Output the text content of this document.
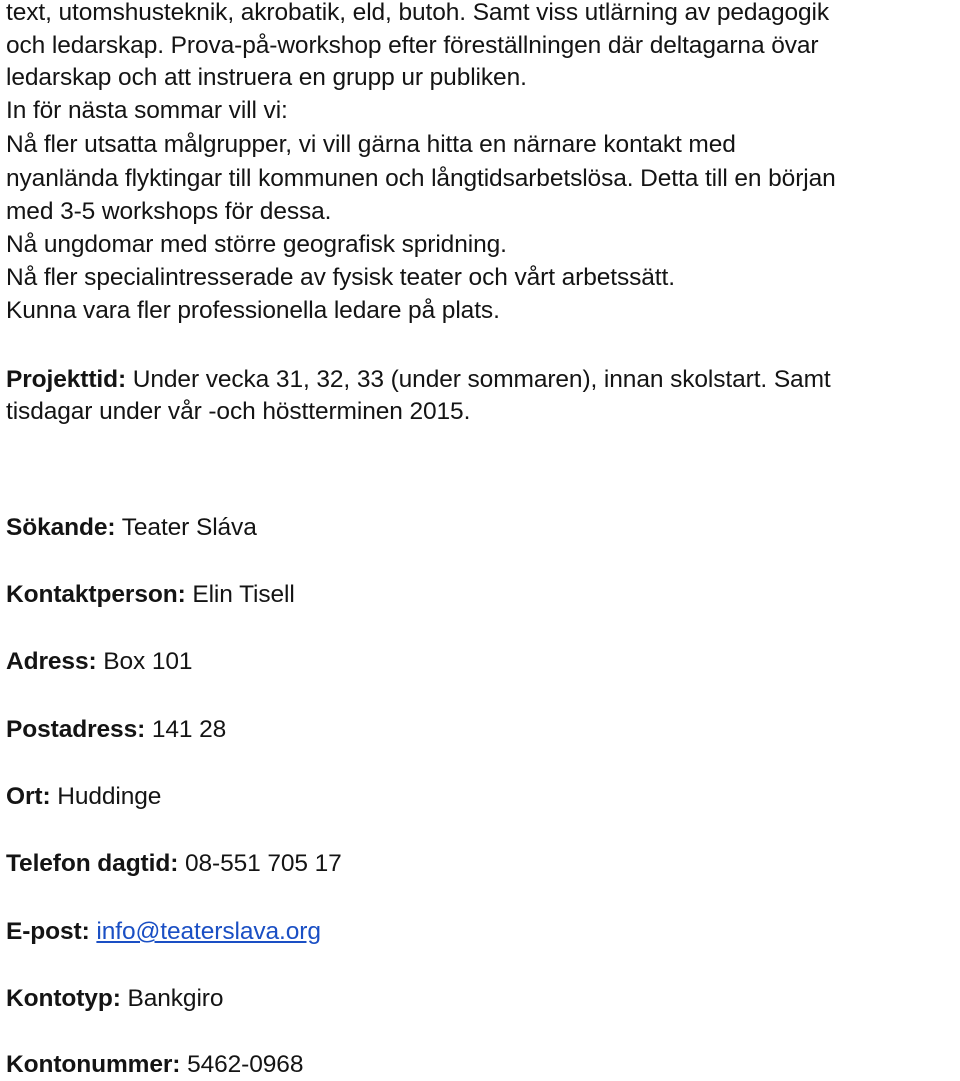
text, utomshusteknik, akrobatik, eld, butoh. Samt viss utlärning av pedagogik
och ledarskap. Prova-på-workshop efter föreställningen där deltagarna övar
ledarskap och att instruera en grupp ur publiken.
In för nästa sommar vill vi:
Nå fler utsatta målgrupper, vi vill gärna hitta en närnare kontakt med
nyanlända flyktingar till kommunen och långtidsarbetslösa. Detta till en början
med 3-5 workshops för dessa.
Nå ungdomar med större geografisk spridning.
Nå fler specialintresserade av fysisk teater och vårt arbetssätt.
Kunna vara fler professionella ledare på plats.
Projekttid: Under vecka 31, 32, 33 (under sommaren), innan skolstart. Samt
tisdagar under vår -och höstterminen 2015.
Sökande: Teater Sláva
Kontaktperson: Elin Tisell
Adress: Box 101
Postadress: 141 28
Ort: Huddinge
Telefon dagtid: 08-551 705 17
E-post: info@teaterslava.org
Kontotyp: Bankgiro
Kontonummer: 5462-0968
